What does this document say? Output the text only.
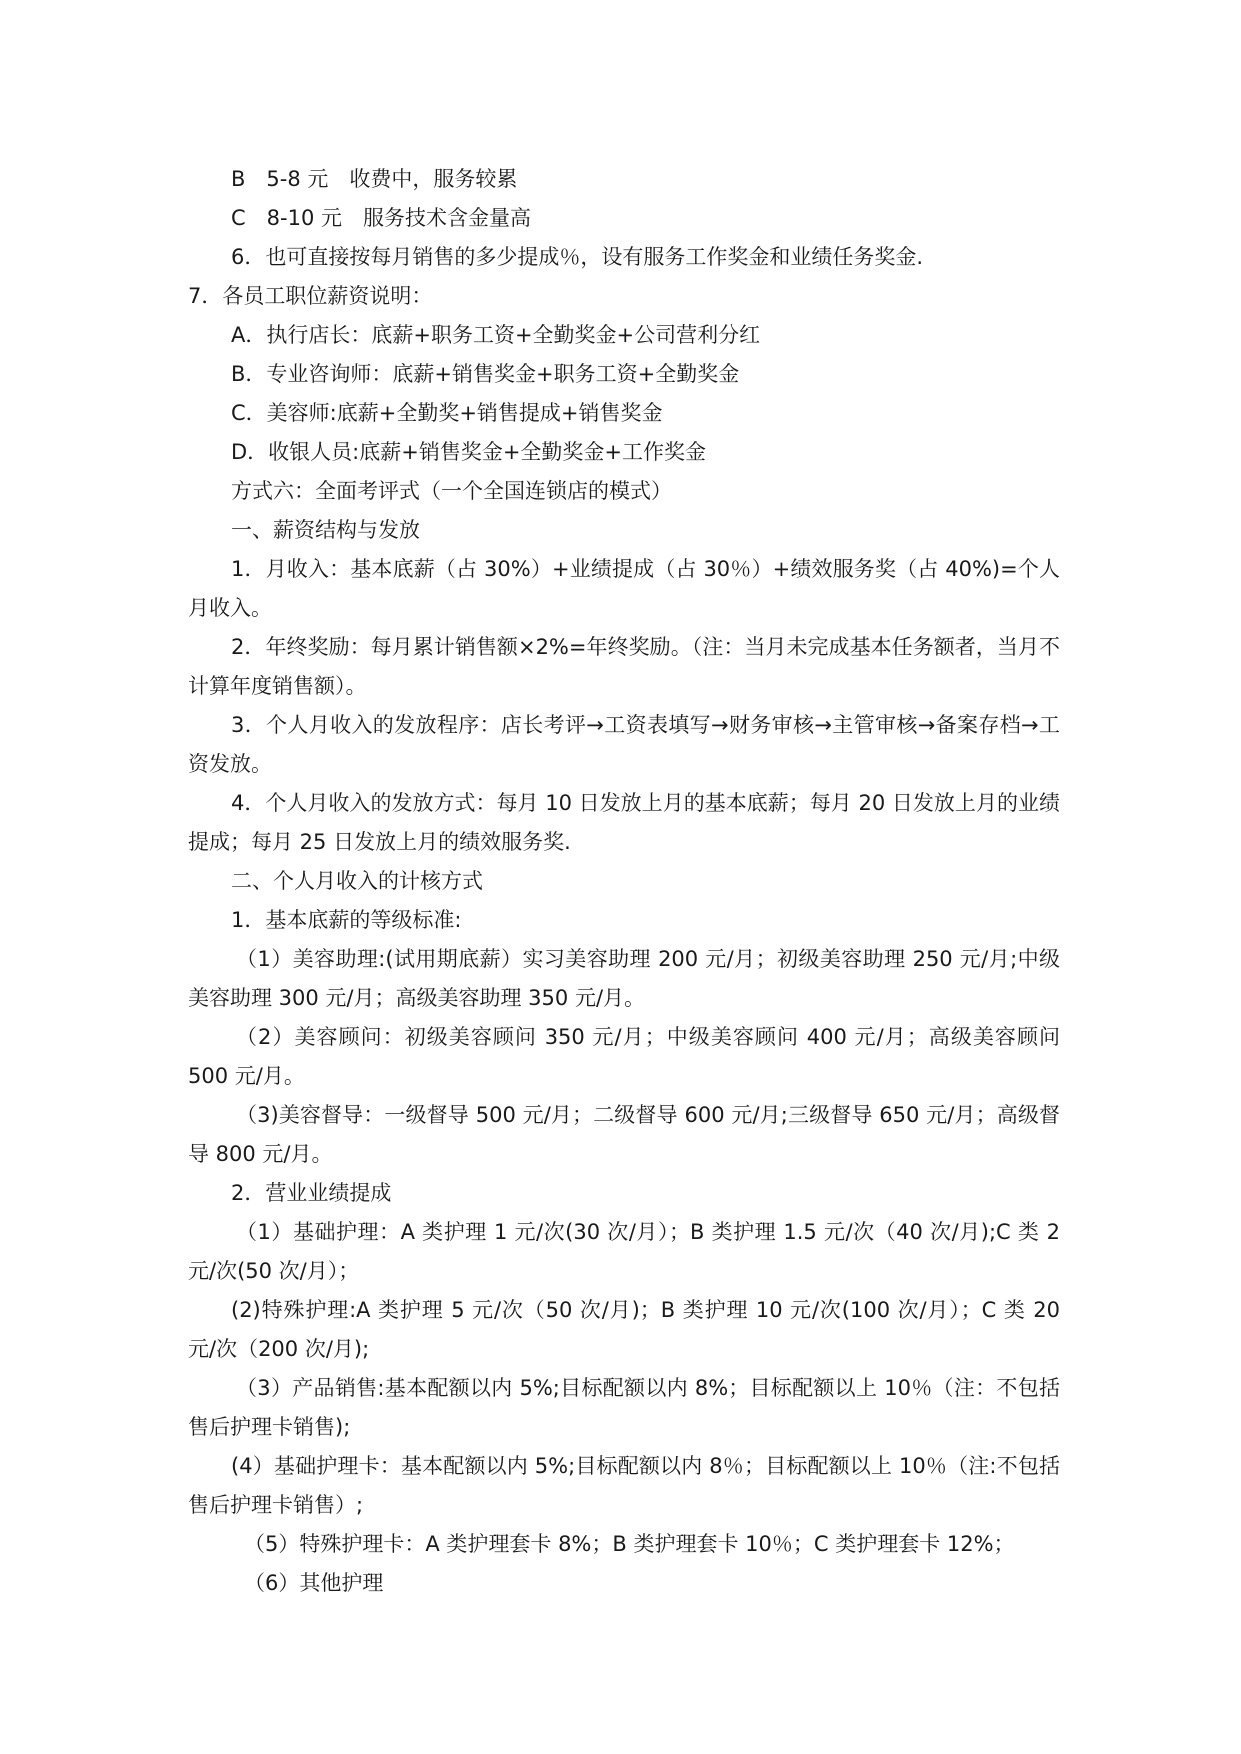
B　5-8 元　收费中，服务较累

C　8-10 元　服务技术含金量高

6．也可直接按每月销售的多少提成％，设有服务工作奖金和业绩任务奖金.

7．各员工职位薪资说明：

A．执行店长：底薪+职务工资+全勤奖金+公司营利分红

B．专业咨询师：底薪+销售奖金+职务工资+全勤奖金

C．美容师:底薪+全勤奖+销售提成+销售奖金

D．收银人员:底薪+销售奖金+全勤奖金+工作奖金

方式六：全面考评式（一个全国连锁店的模式）

一、薪资结构与发放

1．月收入：基本底薪（占 30%）+业绩提成（占 30％）+绩效服务奖（占 40%)=个人月收入。

2．年终奖励：每月累计销售额×2%=年终奖励。（注：当月未完成基本任务额者，当月不计算年度销售额）。

3．个人月收入的发放程序：店长考评→工资表填写→财务审核→主管审核→备案存档→工资发放。

4．个人月收入的发放方式：每月 10 日发放上月的基本底薪；每月 20 日发放上月的业绩提成；每月 25 日发放上月的绩效服务奖.

二、个人月收入的计核方式

1．基本底薪的等级标准:

（1）美容助理:(试用期底薪）实习美容助理 200 元/月；初级美容助理 250 元/月;中级美容助理 300 元/月；高级美容助理 350 元/月。

（2）美容顾问：初级美容顾问 350 元/月；中级美容顾问 400 元/月；高级美容顾问 500 元/月。

（3)美容督导：一级督导 500 元/月；二级督导 600 元/月;三级督导 650 元/月；高级督导 800 元/月。

2．营业业绩提成

（1）基础护理：A 类护理 1 元/次(30 次/月）；B 类护理 1.5 元/次（40 次/月);C 类 2 元/次(50 次/月）；

(2)特殊护理:A 类护理 5 元/次（50 次/月)；B 类护理 10 元/次(100 次/月）；C 类 20 元/次（200 次/月);

（3）产品销售:基本配额以内 5%;目标配额以内 8%；目标配额以上 10％（注：不包括售后护理卡销售);

(4）基础护理卡：基本配额以内 5%;目标配额以内 8％；目标配额以上 10％（注:不包括售后护理卡销售）;

（5）特殊护理卡：A 类护理套卡 8%；B 类护理套卡 10％；C 类护理套卡 12%；

（6）其他护理
